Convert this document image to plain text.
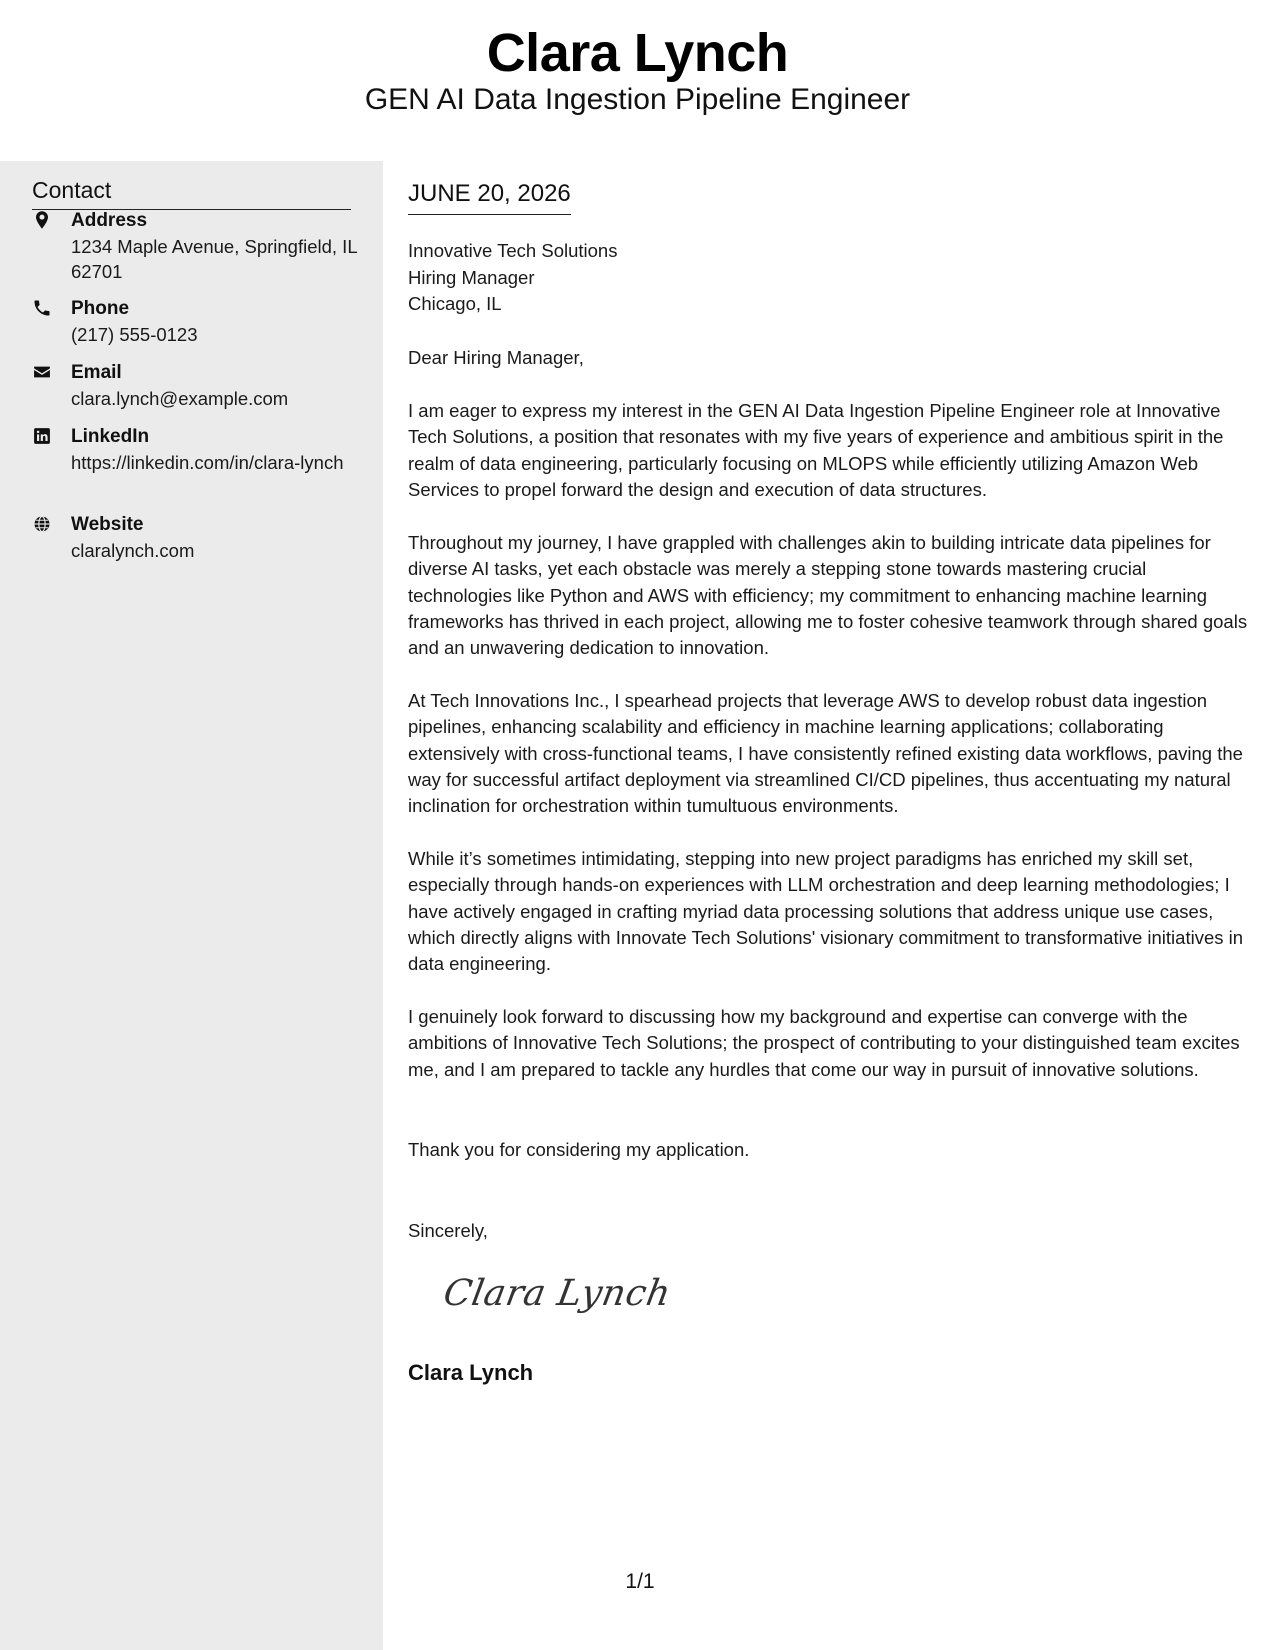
Clara Lynch
GEN AI Data Ingestion Pipeline Engineer
Contact
Address
1234 Maple Avenue, Springfield, IL 62701
Phone
(217) 555-0123
Email
clara.lynch@example.com
LinkedIn
https://linkedin.com/in/clara-lynch
Website
claralynch.com
JUNE 20, 2026
Innovative Tech Solutions
Hiring Manager
Chicago, IL
Dear Hiring Manager,
I am eager to express my interest in the GEN AI Data Ingestion Pipeline Engineer role at Innovative Tech Solutions, a position that resonates with my five years of experience and ambitious spirit in the realm of data engineering, particularly focusing on MLOPS while efficiently utilizing Amazon Web Services to propel forward the design and execution of data structures.
Throughout my journey, I have grappled with challenges akin to building intricate data pipelines for diverse AI tasks, yet each obstacle was merely a stepping stone towards mastering crucial technologies like Python and AWS with efficiency; my commitment to enhancing machine learning frameworks has thrived in each project, allowing me to foster cohesive teamwork through shared goals and an unwavering dedication to innovation.
At Tech Innovations Inc., I spearhead projects that leverage AWS to develop robust data ingestion pipelines, enhancing scalability and efficiency in machine learning applications; collaborating extensively with cross-functional teams, I have consistently refined existing data workflows, paving the way for successful artifact deployment via streamlined CI/CD pipelines, thus accentuating my natural inclination for orchestration within tumultuous environments.
While it’s sometimes intimidating, stepping into new project paradigms has enriched my skill set, especially through hands-on experiences with LLM orchestration and deep learning methodologies; I have actively engaged in crafting myriad data processing solutions that address unique use cases, which directly aligns with Innovate Tech Solutions' visionary commitment to transformative initiatives in data engineering.
I genuinely look forward to discussing how my background and expertise can converge with the ambitions of Innovative Tech Solutions; the prospect of contributing to your distinguished team excites me, and I am prepared to tackle any hurdles that come our way in pursuit of innovative solutions.
Thank you for considering my application.
Sincerely,
Clara Lynch
Clara Lynch
1/1
